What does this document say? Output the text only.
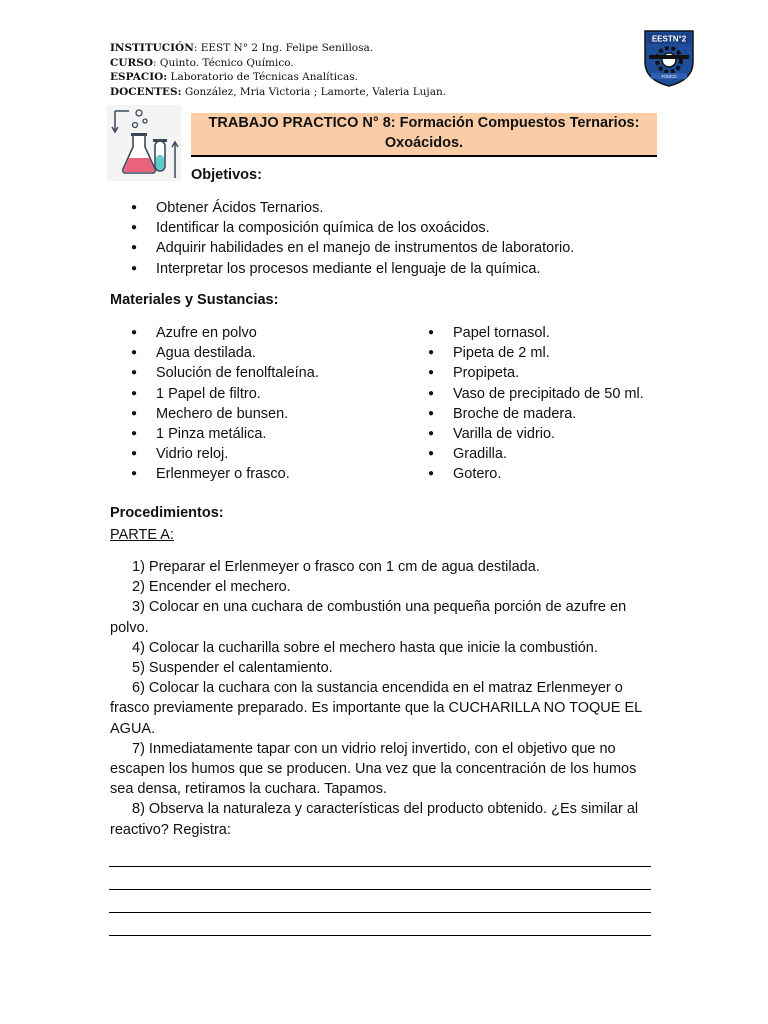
INSTITUCIÓN: EEST N° 2 Ing. Felipe Senillosa.
CURSO: Quinto. Técnico Químico.
ESPACIO: Laboratorio de Técnicas Analíticas.
DOCENTES: González, Mria Victoria ; Lamorte, Valeria Lujan.
EESTN°2
FÍSICO
TRABAJO PRACTICO N° 8: Formación Compuestos Ternarios:
Oxoácidos.
Objetivos:
● Obtener Ácidos Ternarios.
● Identificar la composición química de los oxoácidos.
● Adquirir habilidades en el manejo de instrumentos de laboratorio.
● Interpretar los procesos mediante el lenguaje de la química.
Materiales y Sustancias:
● Azufre en polvo
● Agua destilada.
● Solución de fenolftaleína.
● 1 Papel de filtro.
● Mechero de bunsen.
● 1 Pinza metálica.
● Vidrio reloj.
● Erlenmeyer o frasco.
● Papel tornasol.
● Pipeta de 2 ml.
● Propipeta.
● Vaso de precipitado de 50 ml.
● Broche de madera.
● Varilla de vidrio.
● Gradilla.
● Gotero.
Procedimientos:
PARTE A:
1) Preparar el Erlenmeyer o frasco con 1 cm de agua destilada.
2) Encender el mechero.
3) Colocar en una cuchara de combustión una pequeña porción de azufre en polvo.
4) Colocar la cucharilla sobre el mechero hasta que inicie la combustión.
5) Suspender el calentamiento.
6) Colocar la cuchara con la sustancia encendida en el matraz Erlenmeyer o frasco previamente preparado. Es importante que la CUCHARILLA NO TOQUE EL AGUA.
7) Inmediatamente tapar con un vidrio reloj invertido, con el objetivo que no escapen los humos que se producen. Una vez que la concentración de los humos sea densa, retiramos la cuchara. Tapamos.
8) Observa la naturaleza y características del producto obtenido. ¿Es similar al reactivo? Registra:
